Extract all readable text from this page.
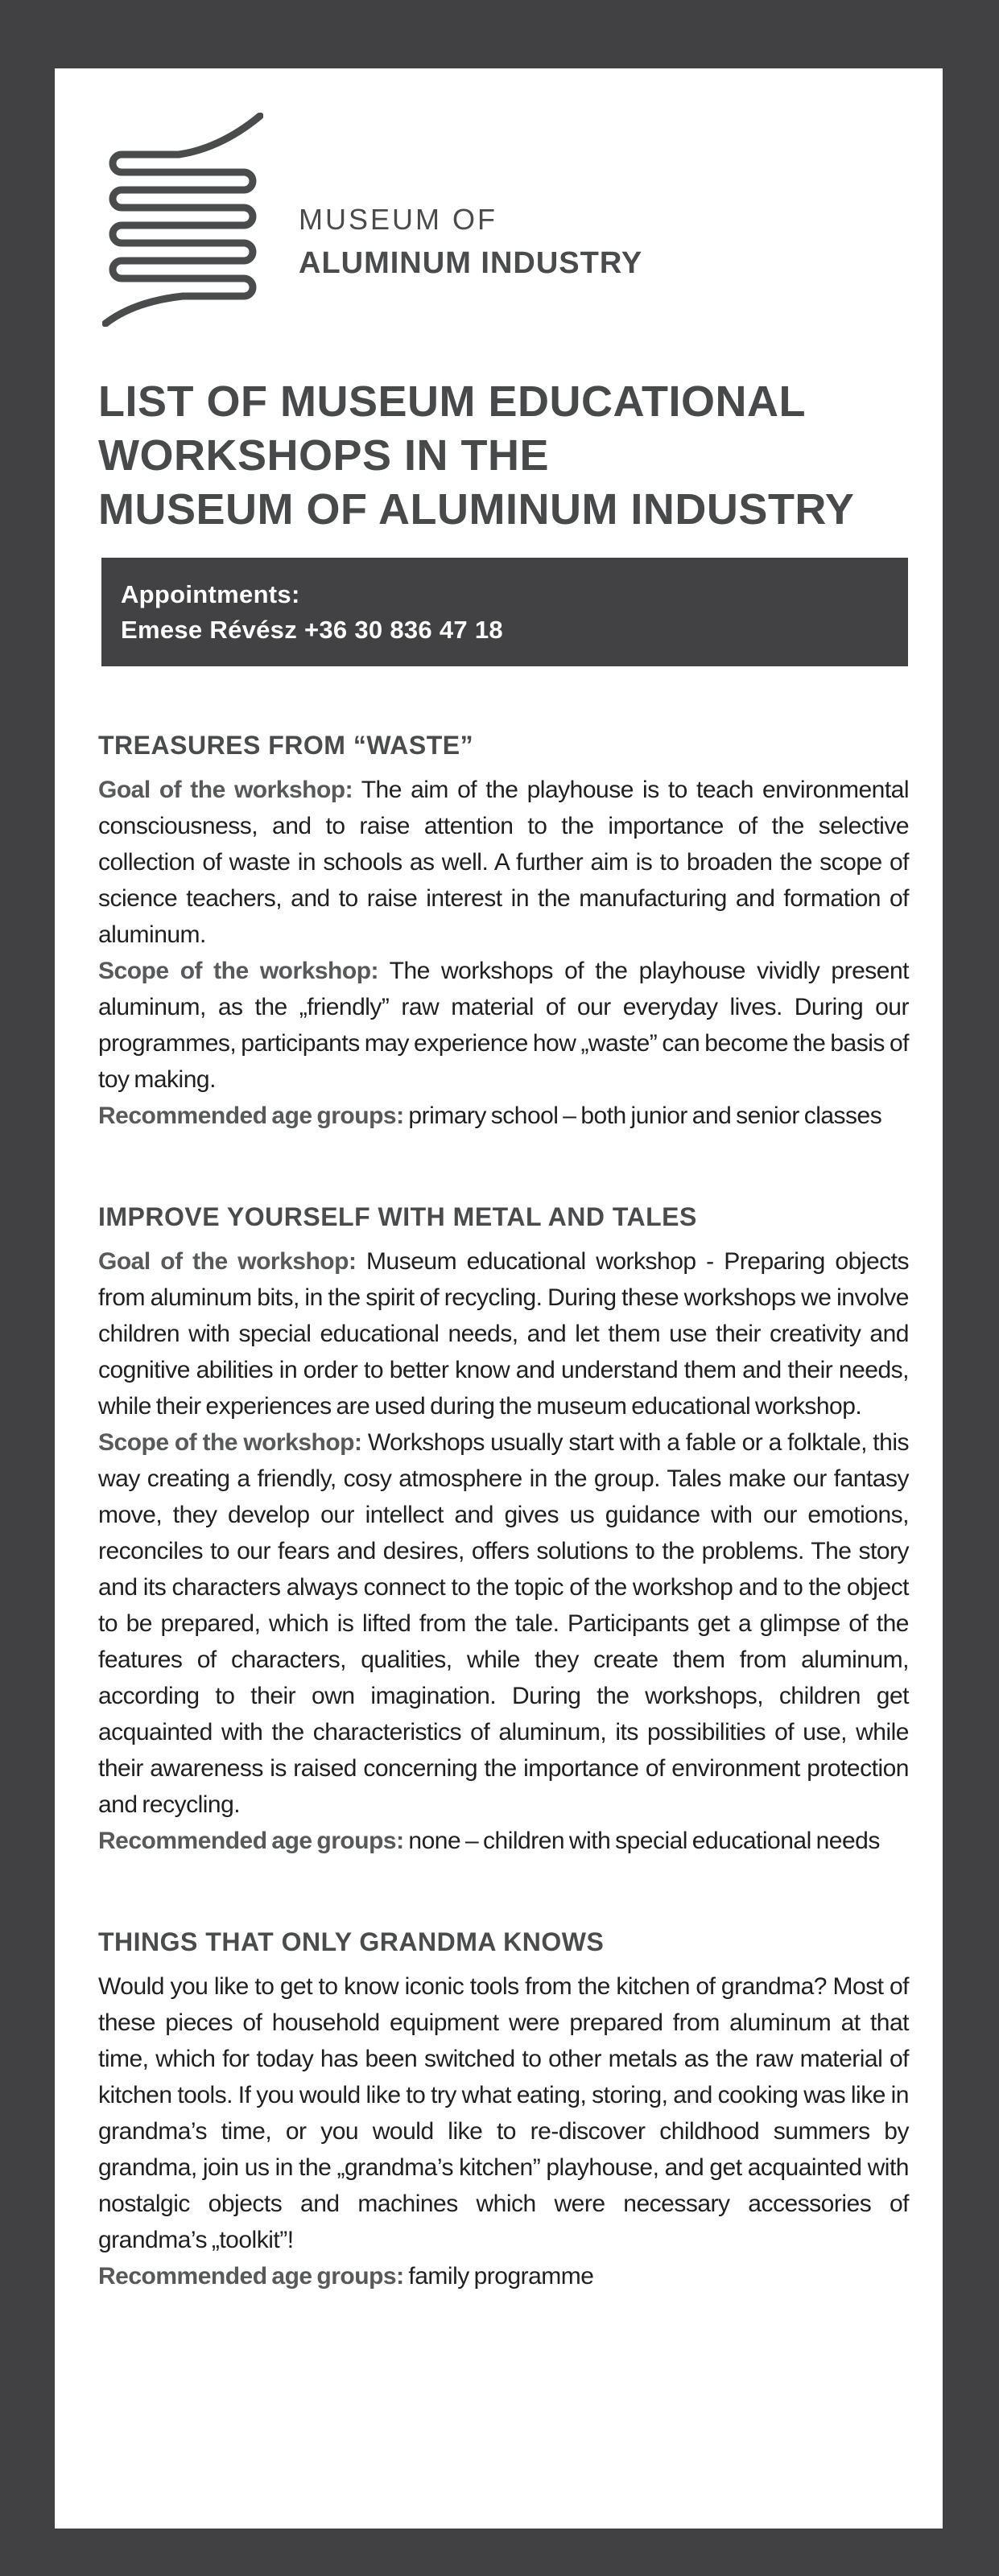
MUSEUM OF
ALUMINUM INDUSTRY
LIST OF MUSEUM EDUCATIONAL
WORKSHOPS IN THE
MUSEUM OF ALUMINUM INDUSTRY
Appointments:
Emese Révész +36 30 836 47 18
TREASURES FROM “WASTE”

Goal of the workshop: The aim of the playhouse is to teach environmental consciousness, and to raise attention to the importance of the selective collection of waste in schools as well. A further aim is to broaden the scope of science teachers, and to raise interest in the manufacturing and formation of aluminum.

Scope of the workshop: The workshops of the playhouse vividly present aluminum, as the „friendly” raw material of our everyday lives. During our programmes, participants may experience how „waste” can become the basis of toy making.

Recommended age groups: primary school – both junior and senior classes

IMPROVE YOURSELF WITH METAL AND TALES

Goal of the workshop: Museum educational workshop - Preparing objects from aluminum bits, in the spirit of recycling. During these workshops we involve children with special educational needs, and let them use their creativity and cognitive abilities in order to better know and understand them and their needs, while their experiences are used during the museum educational workshop.

Scope of the workshop: Workshops usually start with a fable or a folktale, this way creating a friendly, cosy atmosphere in the group. Tales make our fantasy move, they develop our intellect and gives us guidance with our emotions, reconciles to our fears and desires, offers solutions to the problems. The story and its characters always connect to the topic of the workshop and to the object to be prepared, which is lifted from the tale. Participants get a glimpse of the features of characters, qualities, while they create them from aluminum, according to their own imagination. During the workshops, children get acquainted with the characteristics of aluminum, its possibilities of use, while their awareness is raised concerning the importance of environment protection and recycling.

Recommended age groups: none – children with special educational needs

THINGS THAT ONLY GRANDMA KNOWS

Would you like to get to know iconic tools from the kitchen of grandma? Most of these pieces of household equipment were prepared from aluminum at that time, which for today has been switched to other metals as the raw material of kitchen tools. If you would like to try what eating, storing, and cooking was like in grandma’s time, or you would like to re-discover childhood summers by grandma, join us in the „grandma’s kitchen” playhouse, and get acquainted with nostalgic objects and machines which were necessary accessories of grandma’s „toolkit”!

Recommended age groups: family programme
